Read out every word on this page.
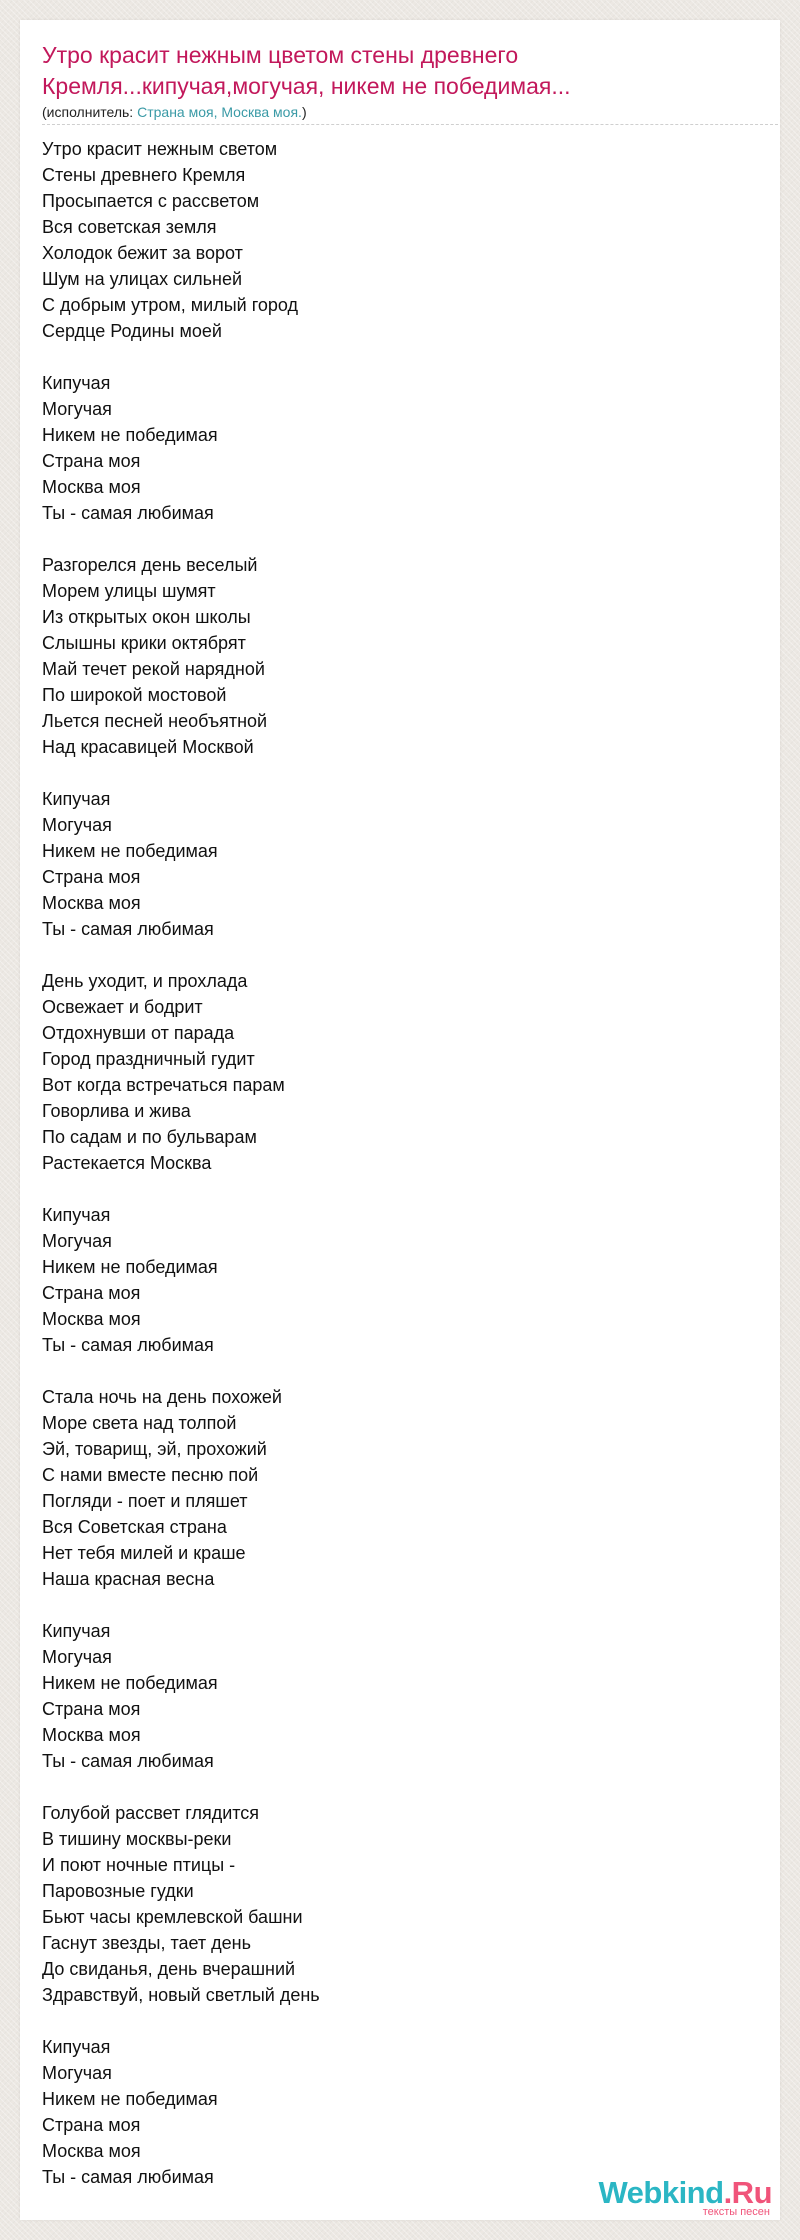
Утро красит нежным цветом стены древнего Кремля...кипучая,могучая, никем не победимая...
(исполнитель: Страна моя, Москва моя.)
Утро красит нежным светом
Стены древнего Кремля
Просыпается с рассветом
Вся советская земля
Холодок бежит за ворот
Шум на улицах сильней
С добрым утром, милый город
Сердце Родины моей
Кипучая
Могучая
Никем не победимая
Страна моя
Москва моя
Ты - самая любимая
Разгорелся день веселый
Морем улицы шумят
Из открытых окон школы
Слышны крики октябрят
Май течет рекой нарядной
По широкой мостовой
Льется песней необъятной
Над красавицей Москвой
Кипучая
Могучая
Никем не победимая
Страна моя
Москва моя
Ты - самая любимая
День уходит, и прохлада
Освежает и бодрит
Отдохнувши от парада
Город праздничный гудит
Вот когда встречаться парам
Говорлива и жива
По садам и по бульварам
Растекается Москва
Кипучая
Могучая
Никем не победимая
Страна моя
Москва моя
Ты - самая любимая
Стала ночь на день похожей
Море света над толпой
Эй, товарищ, эй, прохожий
С нами вместе песню пой
Погляди - поет и пляшет
Вся Советская страна
Нет тебя милей и краше
Наша красная весна
Кипучая
Могучая
Никем не победимая
Страна моя
Москва моя
Ты - самая любимая
Голубой рассвет глядится
В тишину москвы-реки
И поют ночные птицы -
Паровозные гудки
Бьют часы кремлевской башни
Гаснут звезды, тает день
До свиданья, день вчерашний
Здравствуй, новый светлый день
Кипучая
Могучая
Никем не победимая
Страна моя
Москва моя
Ты - самая любимая	Webkind.Ru
тексты песен
